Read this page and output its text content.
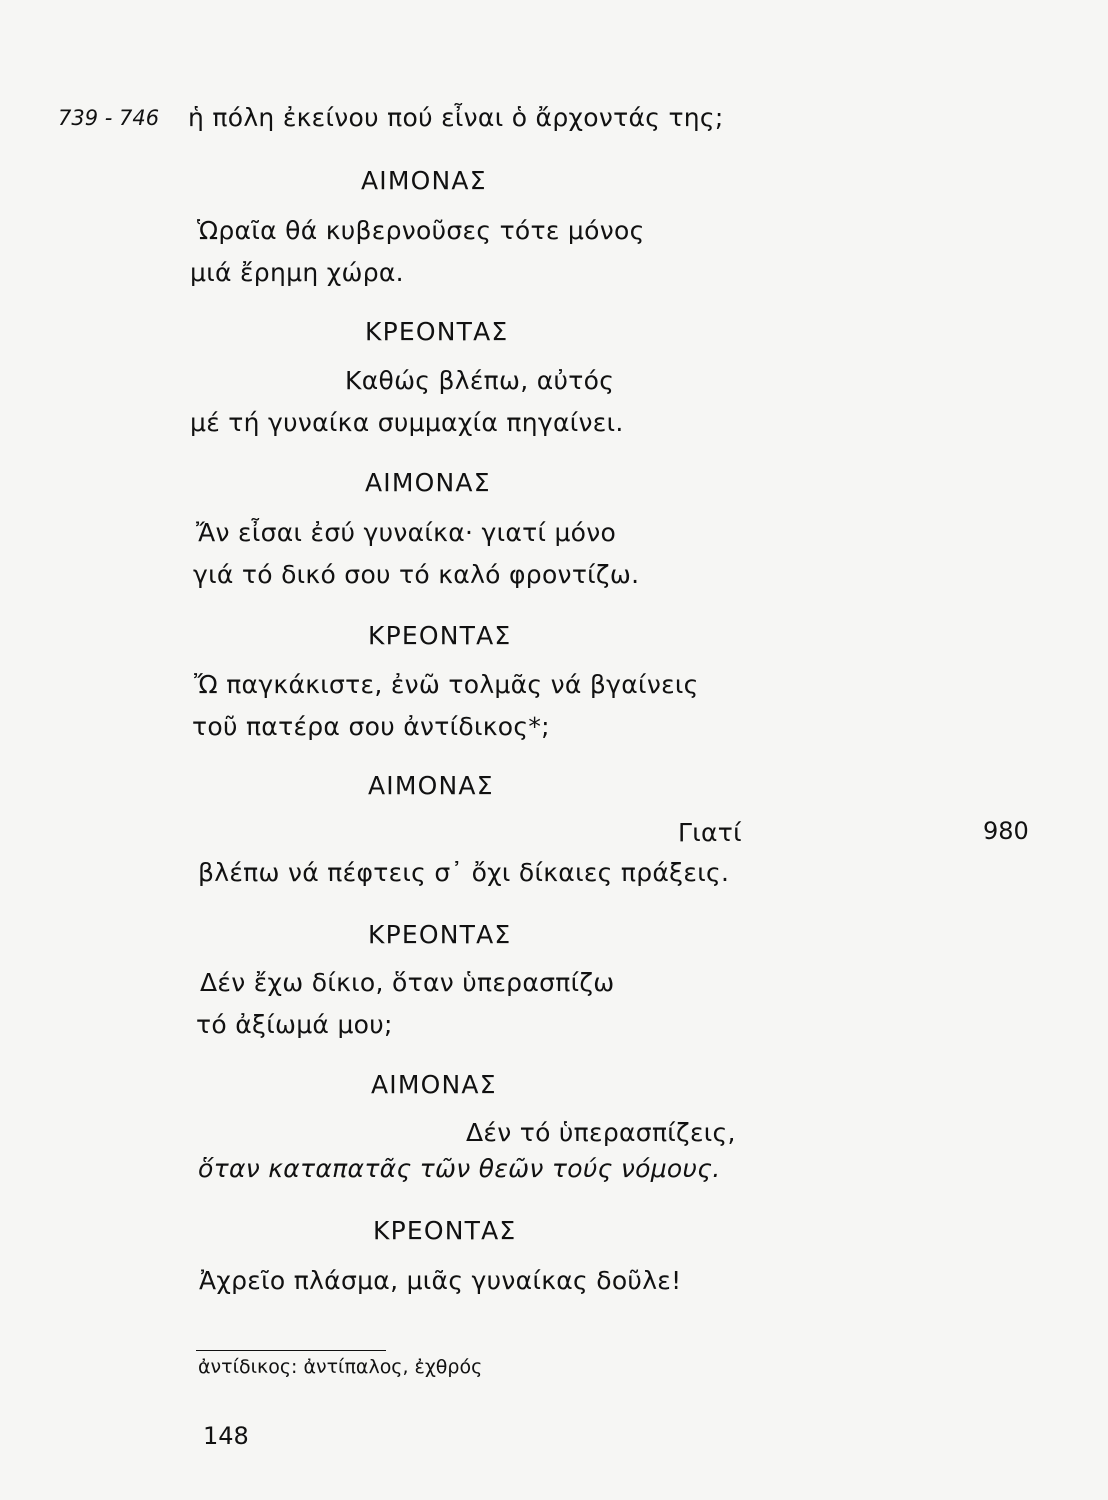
739 - 746 ἡ πόλη ἐκείνου πού εἶναι ὁ ἄρχοντάς της;
ΑΙΜΟΝΑΣ
Ὡραῖα θά κυβερνοῦσες τότε μόνος
μιά ἔρημη χώρα.
ΚΡΕΟΝΤΑΣ
Καθώς βλέπω, αὐτός
μέ τή γυναίκα συμμαχία πηγαίνει.
ΑΙΜΟΝΑΣ
Ἄν εἶσαι ἐσύ γυναίκα· γιατί μόνο
γιά τό δικό σου τό καλό φροντίζω.
ΚΡΕΟΝΤΑΣ
Ὤ παγκάκιστε, ἐνῶ τολμᾶς νά βγαίνεις
τοῦ πατέρα σου ἀντίδικος*;
ΑΙΜΟΝΑΣ
Γιατί	980
βλέπω νά πέφτεις σ᾽ ὄχι δίκαιες πράξεις.
ΚΡΕΟΝΤΑΣ
Δέν ἔχω δίκιο, ὅταν ὑπερασπίζω
τό ἀξίωμά μου;
ΑΙΜΟΝΑΣ
Δέν τό ὑπερασπίζεις,
ὅταν καταπατᾶς τῶν θεῶν τούς νόμους.
ΚΡΕΟΝΤΑΣ
Ἀχρεῖο πλάσμα, μιᾶς γυναίκας δοῦλε!
ἀντίδικος: ἀντίπαλος, ἐχθρός
148
